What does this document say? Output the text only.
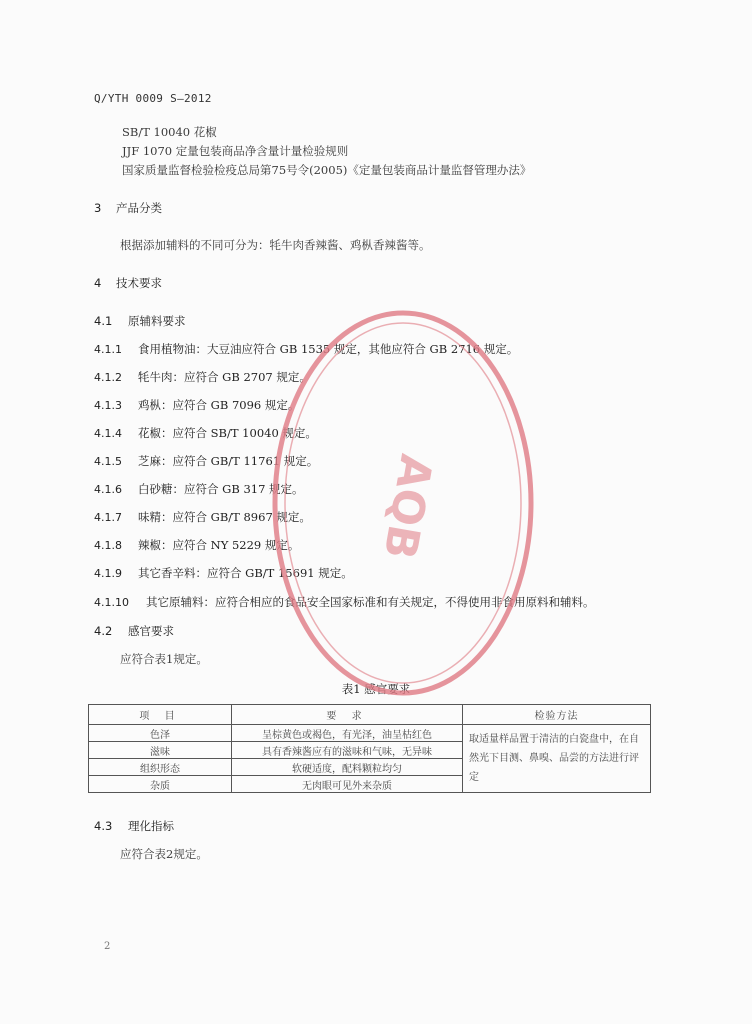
Q/YTH 0009 S—2012
SB/T 10040 花椒
JJF 1070 定量包装商品净含量计量检验规则
国家质量监督检验检疫总局第75号令(2005)《定量包装商品计量监督管理办法》
3 产品分类
根据添加辅料的不同可分为：牦牛肉香辣酱、鸡枞香辣酱等。
4 技术要求
4.1 原辅料要求
4.1.1 食用植物油：大豆油应符合 GB 1535 规定，其他应符合 GB 2716 规定。
4.1.2 牦牛肉：应符合 GB 2707 规定。
4.1.3 鸡枞：应符合 GB 7096 规定。
4.1.4 花椒：应符合 SB/T 10040 规定。
4.1.5 芝麻：应符合 GB/T 11761 规定。
4.1.6 白砂糖：应符合 GB 317 规定。
4.1.7 味精：应符合 GB/T 8967 规定。
4.1.8 辣椒：应符合 NY 5229 规定。
4.1.9 其它香辛料：应符合 GB/T 15691 规定。
4.1.10 其它原辅料：应符合相应的食品安全国家标准和有关规定，不得使用非食用原料和辅料。
4.2 感官要求
应符合表1规定。
表1 感官要求
项 目	要 求	检验方法
色泽	呈棕黄色或褐色，有光泽，油呈枯红色	取适量样品置于清洁的白瓷盘中，在自然光下目测、鼻嗅、品尝的方法进行评定
滋味	具有香辣酱应有的滋味和气味，无异味	
组织形态	软硬适度，配料颗粒均匀	
杂质	无肉眼可见外来杂质	
4.3 理化指标
应符合表2规定。
2
AQB
